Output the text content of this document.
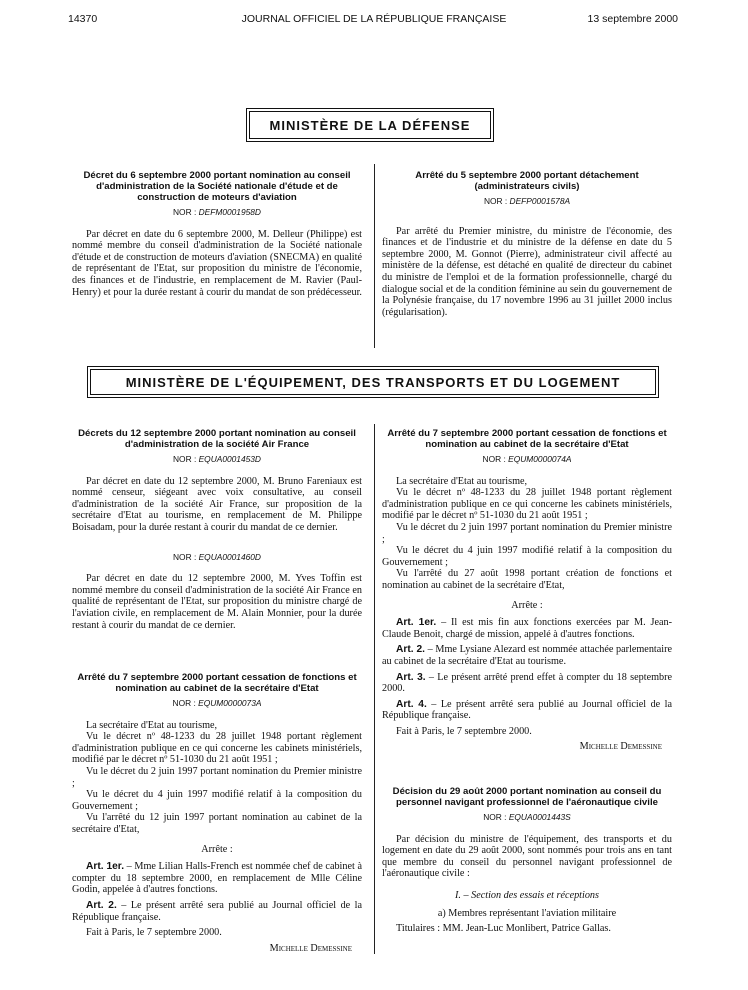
14370	JOURNAL OFFICIEL DE LA RÉPUBLIQUE FRANÇAISE	13 septembre 2000
MINISTÈRE DE LA DÉFENSE
Décret du 6 septembre 2000 portant nomination au conseil d'administration de la Société nationale d'étude et de construction de moteurs d'aviation
NOR : DEFM0001958D

Par décret en date du 6 septembre 2000, M. Delleur (Philippe) est nommé membre du conseil d'administration de la Société nationale d'étude et de construction de moteurs d'aviation (SNECMA) en qualité de représentant de l'Etat, sur proposition du ministre de l'économie, des finances et de l'industrie, en remplacement de M. Ravier (Paul-Henry) et pour la durée restant à courir du mandat de son prédécesseur.

Arrêté du 5 septembre 2000 portant détachement (administrateurs civils)
NOR : DEFP0001578A

Par arrêté du Premier ministre, du ministre de l'économie, des finances et de l'industrie et du ministre de la défense en date du 5 septembre 2000, M. Gonnot (Pierre), administrateur civil affecté au ministère de la défense, est détaché en qualité de directeur du cabinet du ministre de l'emploi et de la formation professionnelle, chargé du dialogue social et de la condition féminine au sein du gouvernement de la Polynésie française, du 17 novembre 1996 au 31 juillet 2000 inclus (régularisation).

MINISTÈRE DE L'ÉQUIPEMENT, DES TRANSPORTS ET DU LOGEMENT
Décrets du 12 septembre 2000 portant nomination au conseil d'administration de la société Air France
NOR : EQUA0001453D

Par décret en date du 12 septembre 2000, M. Bruno Fareniaux est nommé censeur, siégeant avec voix consultative, au conseil d'administration de la société Air France, sur proposition de la secrétaire d'Etat au tourisme, en remplacement de M. Philippe Boisadam, pour la durée restant à courir du mandat de ce dernier.

NOR : EQUA0001460D

Par décret en date du 12 septembre 2000, M. Yves Toffin est nommé membre du conseil d'administration de la société Air France en qualité de représentant de l'Etat, sur proposition du ministre chargé de l'aviation civile, en remplacement de M. Alain Monnier, pour la durée restant à courir du mandat de ce dernier.

Arrêté du 7 septembre 2000 portant cessation de fonctions et nomination au cabinet de la secrétaire d'Etat
NOR : EQUM0000073A

La secrétaire d'Etat au tourisme,

Vu le décret nº 48-1233 du 28 juillet 1948 portant règlement d'administration publique en ce qui concerne les cabinets ministériels, modifié par le décret nº 51-1030 du 21 août 1951 ;

Vu le décret du 2 juin 1997 portant nomination du Premier ministre ;

Vu le décret du 4 juin 1997 modifié relatif à la composition du Gouvernement ;

Vu l'arrêté du 12 juin 1997 portant nomination au cabinet de la secrétaire d'Etat,

Arrête :

Art. 1er. – Mme Lilian Halls-French est nommée chef de cabinet à compter du 18 septembre 2000, en remplacement de Mlle Céline Godin, appelée à d'autres fonctions.

Art. 2. – Le présent arrêté sera publié au Journal officiel de la République française.

Fait à Paris, le 7 septembre 2000.

Michelle Demessine
Arrêté du 7 septembre 2000 portant cessation de fonctions et nomination au cabinet de la secrétaire d'Etat
NOR : EQUM0000074A

La secrétaire d'Etat au tourisme,

Vu le décret nº 48-1233 du 28 juillet 1948 portant règlement d'administration publique en ce qui concerne les cabinets ministériels, modifié par le décret nº 51-1030 du 21 août 1951 ;

Vu le décret du 2 juin 1997 portant nomination du Premier ministre ;

Vu le décret du 4 juin 1997 modifié relatif à la composition du Gouvernement ;

Vu l'arrêté du 27 août 1998 portant création de fonctions et nomination au cabinet de la secrétaire d'Etat,

Arrête :

Art. 1er. – Il est mis fin aux fonctions exercées par M. Jean-Claude Benoit, chargé de mission, appelé à d'autres fonctions.

Art. 2. – Mme Lysiane Alezard est nommée attachée parlementaire au cabinet de la secrétaire d'Etat au tourisme.

Art. 3. – Le présent arrêté prend effet à compter du 18 septembre 2000.

Art. 4. – Le présent arrêté sera publié au Journal officiel de la République française.

Fait à Paris, le 7 septembre 2000.

Michelle Demessine
Décision du 29 août 2000 portant nomination au conseil du personnel navigant professionnel de l'aéronautique civile
NOR : EQUA0001443S

Par décision du ministre de l'équipement, des transports et du logement en date du 29 août 2000, sont nommés pour trois ans en tant que membre du conseil du personnel navigant professionnel de l'aéronautique civile :

I. – Section des essais et réceptions
a) Membres représentant l'aviation militaire

Titulaires : MM. Jean-Luc Monlibert, Patrice Gallas.
